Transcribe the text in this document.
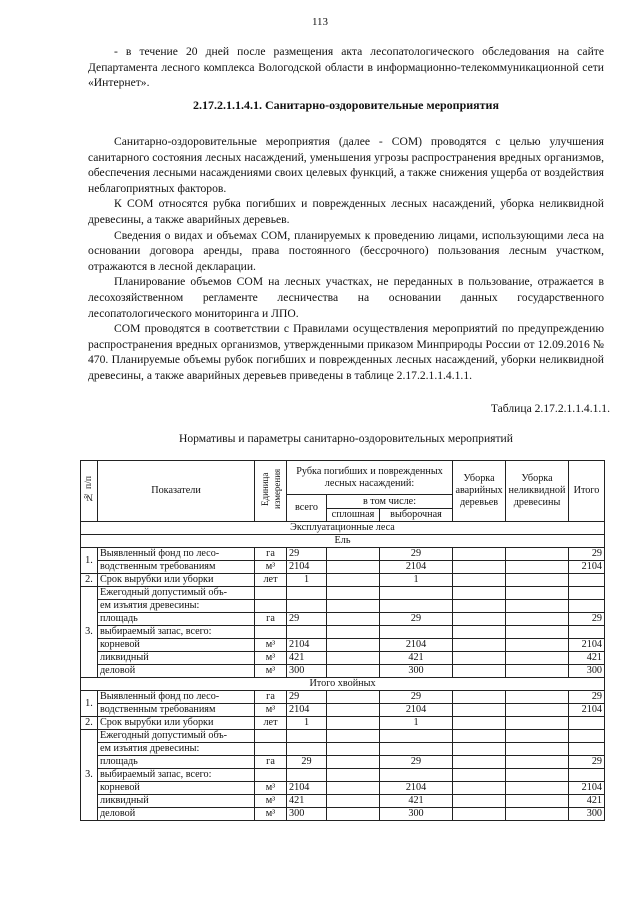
113

- в течение 20 дней после размещения акта лесопатологического обследования на сайте Департамента лесного комплекса Вологодской области в информационно-телекоммуникационной сети «Интернет».

2.17.2.1.1.4.1. Санитарно-оздоровительные мероприятия

Санитарно-оздоровительные мероприятия (далее - СОМ) проводятся с целью улучшения санитарного состояния лесных насаждений, уменьшения угрозы распространения вредных организмов, обеспечения лесными насаждениями своих целевых функций, а также снижения ущерба от воздействия неблагоприятных факторов.

К СОМ относятся рубка погибших и поврежденных лесных насаждений, уборка неликвидной древесины, а также аварийных деревьев.

Сведения о видах и объемах СОМ, планируемых к проведению лицами, использующими леса на основании договора аренды, права постоянного (бессрочного) пользования лесным участком, отражаются в лесной декларации.

Планирование объемов СОМ на лесных участках, не переданных в пользование, отражается в лесохозяйственном регламенте лесничества на основании данных государственного лесопатологического мониторинга и ЛПО.

СОМ проводятся в соответствии с Правилами осуществления мероприятий по предупреждению распространения вредных организмов, утвержденными приказом Минприроды России от 12.09.2016 № 470. Планируемые объемы рубок погибших и поврежденных лесных насаждений, уборки неликвидной древесины, а также аварийных деревьев приведены в таблице 2.17.2.1.1.4.1.1.

Таблица 2.17.2.1.1.4.1.1.
Нормативы и параметры санитарно-оздоровительных мероприятий
№ п/п	Показатели	Единица измерения	Рубка погибших и поврежденных лесных насаждений:			Уборка аварийных деревьев	Уборка неликвидной древесины	Итого
			всего	в том числе:				
				сплошная	выборочная			
Эксплуатационные леса								
Ель								
1.	Выявленный фонд по лесо-	га	29		29			29
	водственным требованиям	м³	2104		2104			2104
2.	Срок вырубки или уборки	лет	1		1			
3.	Ежегодный допустимый объ-							
	ем изъятия древесины:							
	площадь	га	29		29			29
	выбираемый запас, всего:							
	корневой	м³	2104		2104			2104
	ликвидный	м³	421		421			421
	деловой	м³	300		300			300
Итого хвойных								
1.	Выявленный фонд по лесо-	га	29		29			29
	водственным требованиям	м³	2104		2104			2104
2.	Срок вырубки или уборки	лет	1		1			
3.	Ежегодный допустимый объ-							
	ем изъятия древесины:							
	площадь	га	29		29			29
	выбираемый запас, всего:							
	корневой	м³	2104		2104			2104
	ликвидный	м³	421		421			421
	деловой	м³	300		300			300
